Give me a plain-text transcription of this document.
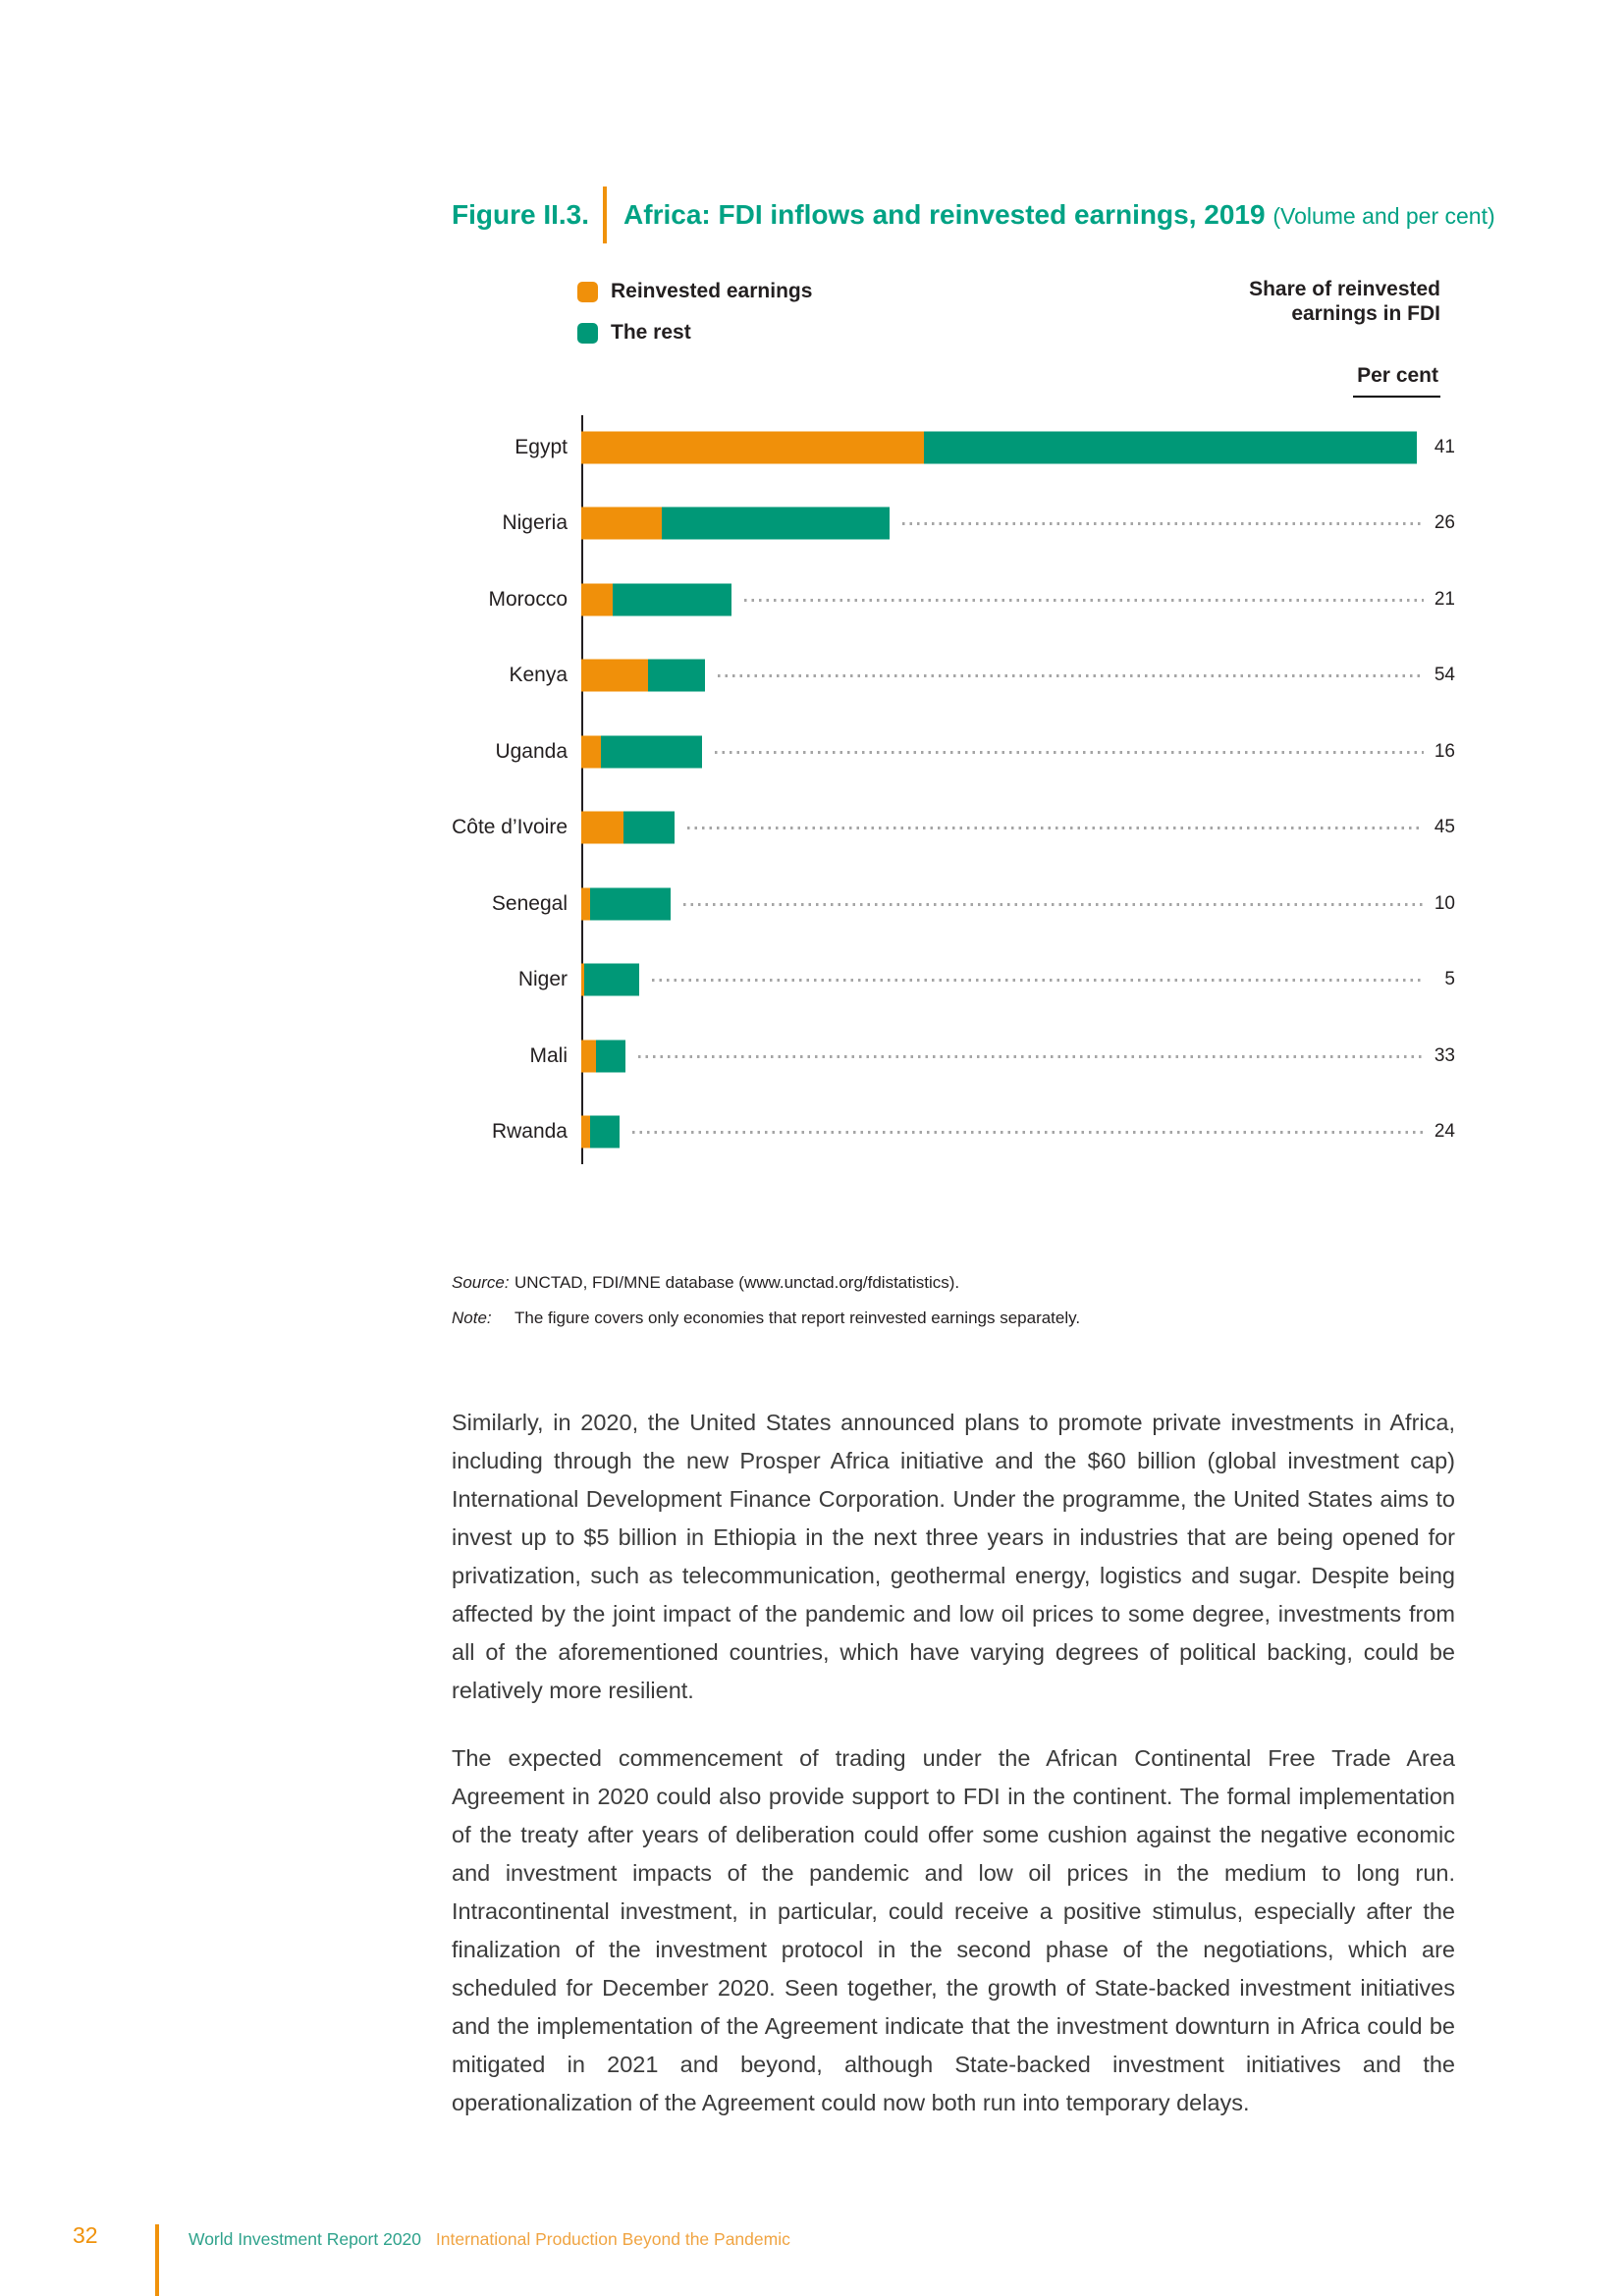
Figure II.3. Africa: FDI inflows and reinvested earnings, 2019 (Volume and per cent)
Reinvested earnings
The rest
Share of reinvested
earnings in FDI
Per cent
Egypt	41
Nigeria	26
Morocco	21
Kenya	54
Uganda	16
Côte d’Ivoire	45
Senegal	10
Niger	5
Mali	33
Rwanda	24
Source: UNCTAD, FDI/MNE database (www.unctad.org/fdistatistics).
Note:	The figure covers only economies that report reinvested earnings separately.

Similarly, in 2020, the United States announced plans to promote private investments in Africa, including through the new Prosper Africa initiative and the $60 billion (global investment cap) International Development Finance Corporation. Under the programme, the United States aims to invest up to $5 billion in Ethiopia in the next three years in industries that are being opened for privatization, such as telecommunication, geothermal energy, logistics and sugar. Despite being affected by the joint impact of the pandemic and low oil prices to some degree, investments from all of the aforementioned countries, which have varying degrees of political backing, could be relatively more resilient.

The expected commencement of trading under the African Continental Free Trade Area Agreement in 2020 could also provide support to FDI in the continent. The formal implementation of the treaty after years of deliberation could offer some cushion against the negative economic and investment impacts of the pandemic and low oil prices in the medium to long run. Intracontinental investment, in particular, could receive a positive stimulus, especially after the finalization of the investment protocol in the second phase of the negotiations, which are scheduled for December 2020. Seen together, the growth of State-backed investment initiatives and the implementation of the Agreement indicate that the investment downturn in Africa could be mitigated in 2021 and beyond, although State-backed investment initiatives and the operationalization of the Agreement could now both run into temporary delays.

32	World Investment Report 2020 International Production Beyond the Pandemic
